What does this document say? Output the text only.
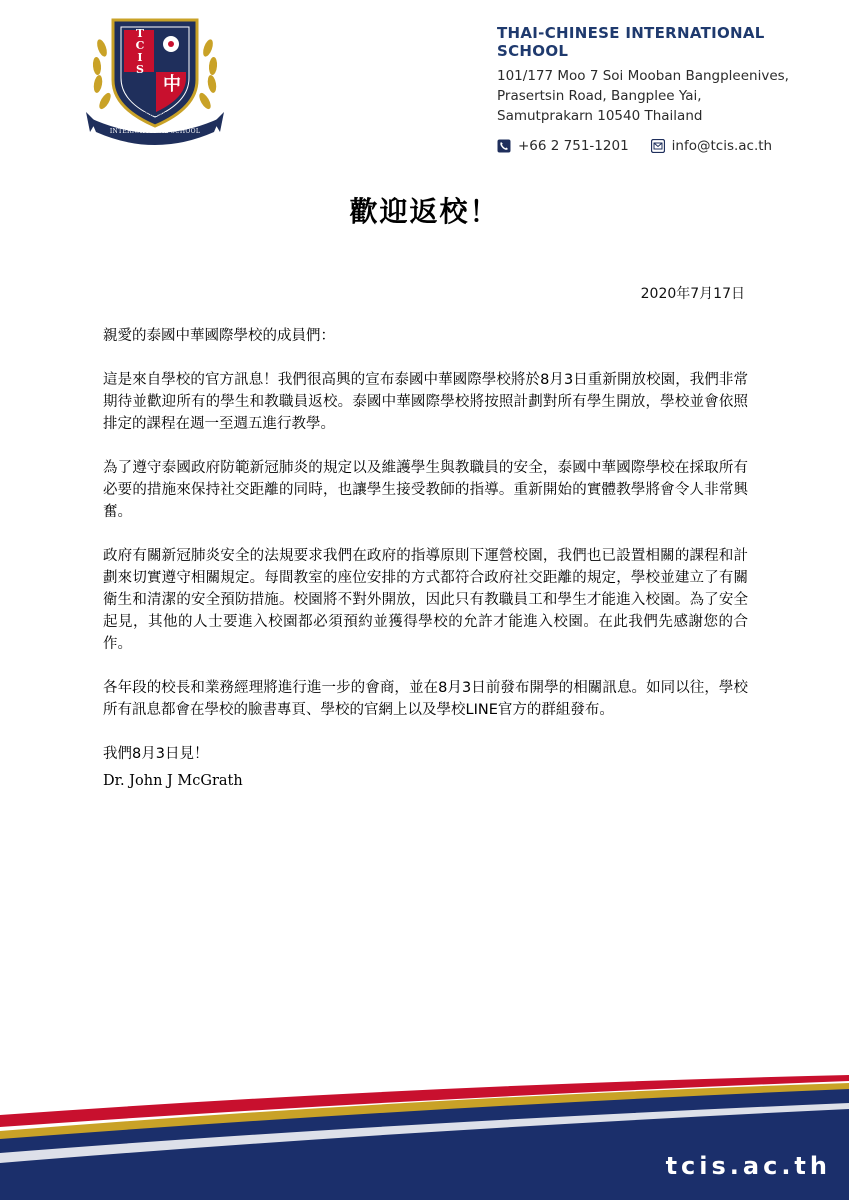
T
C
I
S
中
EST. 1995
INTERNATIONAL SCHOOL
THAI-CHINESE INTERNATIONAL SCHOOL
101/177 Moo 7 Soi Mooban Bangpleenives,
Prasertsin Road, Bangplee Yai,
Samutprakarn 10540 Thailand
+66 2 751-1201	info@tcis.ac.th
歡迎返校！
2020年7月17日

親愛的泰國中華國際學校的成員們：

這是來自學校的官方訊息！我們很高興的宣布泰國中華國際學校將於8月3日重新開放校園，我們非常期待並歡迎所有的學生和教職員返校。泰國中華國際學校將按照計劃對所有學生開放，學校並會依照排定的課程在週一至週五進行教學。

為了遵守泰國政府防範新冠肺炎的規定以及維護學生與教職員的安全，泰國中華國際學校在採取所有必要的措施來保持社交距離的同時，也讓學生接受教師的指導。重新開始的實體教學將會令人非常興奮。

政府有關新冠肺炎安全的法規要求我們在政府的指導原則下運營校園，我們也已設置相關的課程和計劃來切實遵守相關規定。每間教室的座位安排的方式都符合政府社交距離的規定，學校並建立了有關衛生和清潔的安全預防措施。校園將不對外開放，因此只有教職員工和學生才能進入校園。為了安全起見，其他的人士要進入校園都必須預約並獲得學校的允許才能進入校園。在此我們先感謝您的合作。

各年段的校長和業務經理將進行進一步的會商，並在8月3日前發布開學的相關訊息。如同以往，學校所有訊息都會在學校的臉書專頁、學校的官網上以及學校LINE官方的群組發布。

我們8月3日見！

Dr. John J McGrath
tcis.ac.th
